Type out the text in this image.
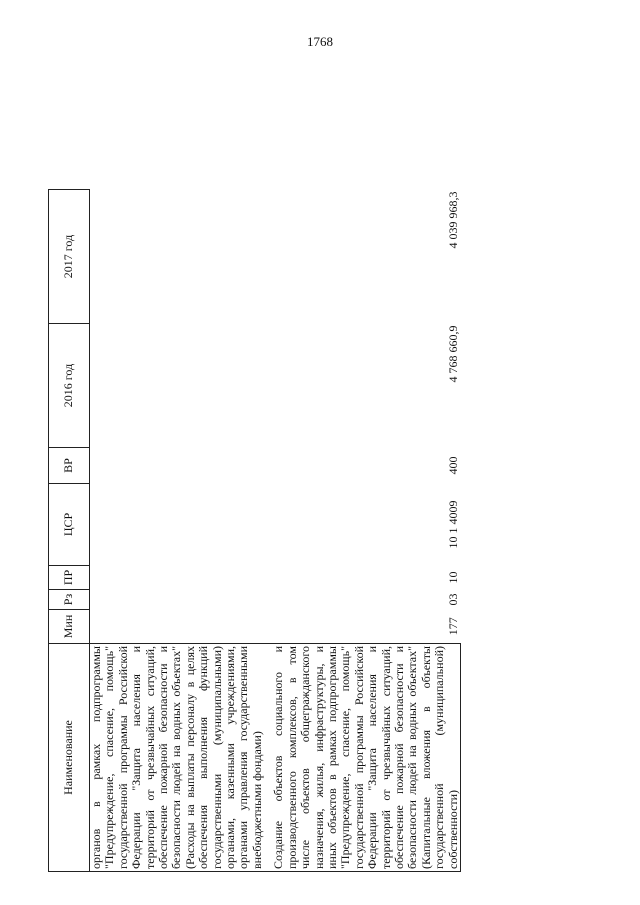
1768
Наименование	Мин	Рз	ПР	ЦСР	ВР	2016 год	2017 год
органов в рамках подпрограммы "Предупреждение, спасение, помощь" государственной программы Российской Федерации "Защита населения и территорий от чрезвычайных ситуаций, обеспечение пожарной безопасности и безопасности людей на водных объектах" (Расходы на выплаты персоналу в целях обеспечения выполнения функций государственными (муниципальными) органами, казенными учреждениями, органами управления государственными внебюджетными фондами)							
Создание объектов социального и производственного комплексов, в том числе объектов общегражданского назначения, жилья, инфраструктуры, и иных объектов в рамках подпрограммы "Предупреждение, спасение, помощь" государственной программы Российской Федерации "Защита населения и территорий от чрезвычайных ситуаций, обеспечение пожарной безопасности и безопасности людей на водных объектах" (Капитальные вложения в объекты государственной (муниципальной) собственности)	177	03	10	10 1 4009	400	4 768 660,9	4 039 968,3
